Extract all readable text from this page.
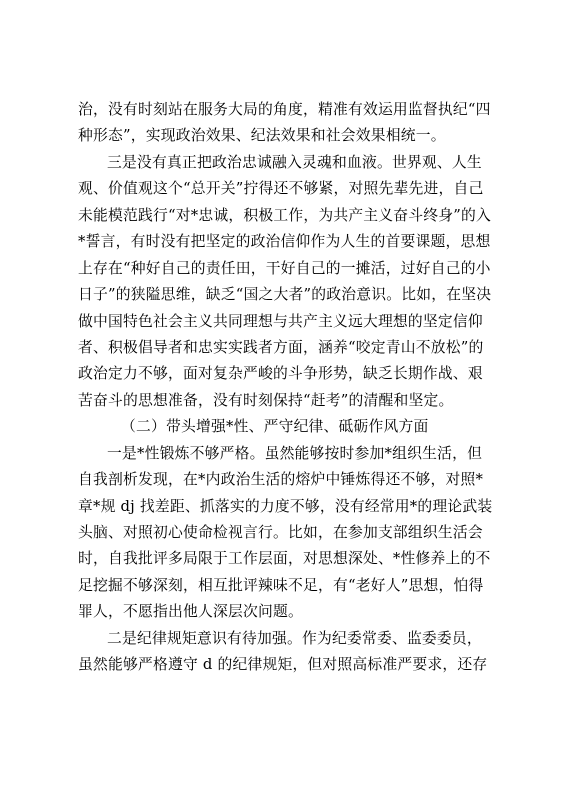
治，没有时刻站在服务大局的角度，精准有效运用监督执纪“四
种形态”，实现政治效果、纪法效果和社会效果相统一。
三是没有真正把政治忠诚融入灵魂和血液。世界观、人生
观、价值观这个“总开关”拧得还不够紧，对照先辈先进，自己
未能模范践行“对*忠诚，积极工作，为共产主义奋斗终身”的入
*誓言，有时没有把坚定的政治信仰作为人生的首要课题，思想
上存在“种好自己的责任田，干好自己的一摊活，过好自己的小
日子”的狭隘思维，缺乏“国之大者”的政治意识。比如，在坚决
做中国特色社会主义共同理想与共产主义远大理想的坚定信仰
者、积极倡导者和忠实实践者方面，涵养“咬定青山不放松”的
政治定力不够，面对复杂严峻的斗争形势，缺乏长期作战、艰
苦奋斗的思想准备，没有时刻保持“赶考”的清醒和坚定。
（二）带头增强*性、严守纪律、砥砺作风方面
一是*性锻炼不够严格。虽然能够按时参加*组织生活，但
自我剖析发现，在*内政治生活的熔炉中锤炼得还不够，对照*
章*规 dj 找差距、抓落实的力度不够，没有经常用*的理论武装
头脑、对照初心使命检视言行。比如，在参加支部组织生活会
时，自我批评多局限于工作层面，对思想深处、*性修养上的不
足挖掘不够深刻，相互批评辣味不足，有“老好人”思想，怕得
罪人，不愿指出他人深层次问题。
二是纪律规矩意识有待加强。作为纪委常委、监委委员，
虽然能够严格遵守 d 的纪律规矩，但对照高标准严要求，还存
